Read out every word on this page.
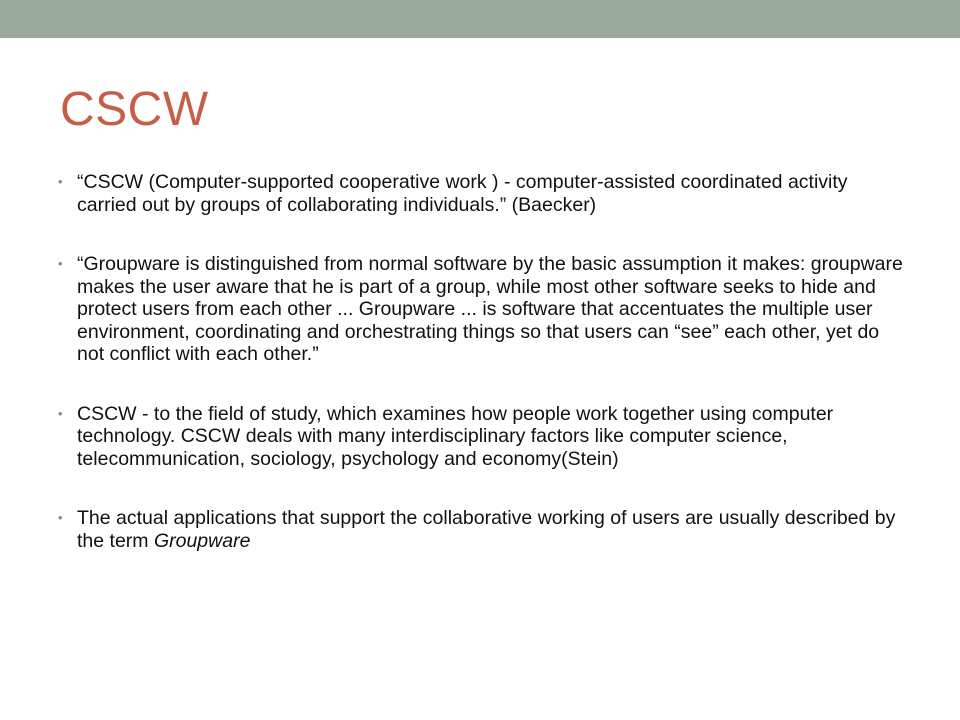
CSCW
• “CSCW (Computer-supported cooperative work ) - computer-assisted coordinated activity carried out by groups of collaborating individuals.” (Baecker)
• “Groupware is distinguished from normal software by the basic assumption it makes: groupware makes the user aware that he is part of a group, while most other software seeks to hide and protect users from each other ... Groupware ... is software that accentuates the multiple user environment, coordinating and orchestrating things so that users can “see” each other, yet do not conflict with each other.”
• CSCW - to the field of study, which examines how people work together using computer technology. CSCW deals with many interdisciplinary factors like computer science, telecommunication, sociology, psychology and economy(Stein)
• The actual applications that support the collaborative working of users are usually described by the term Groupware
